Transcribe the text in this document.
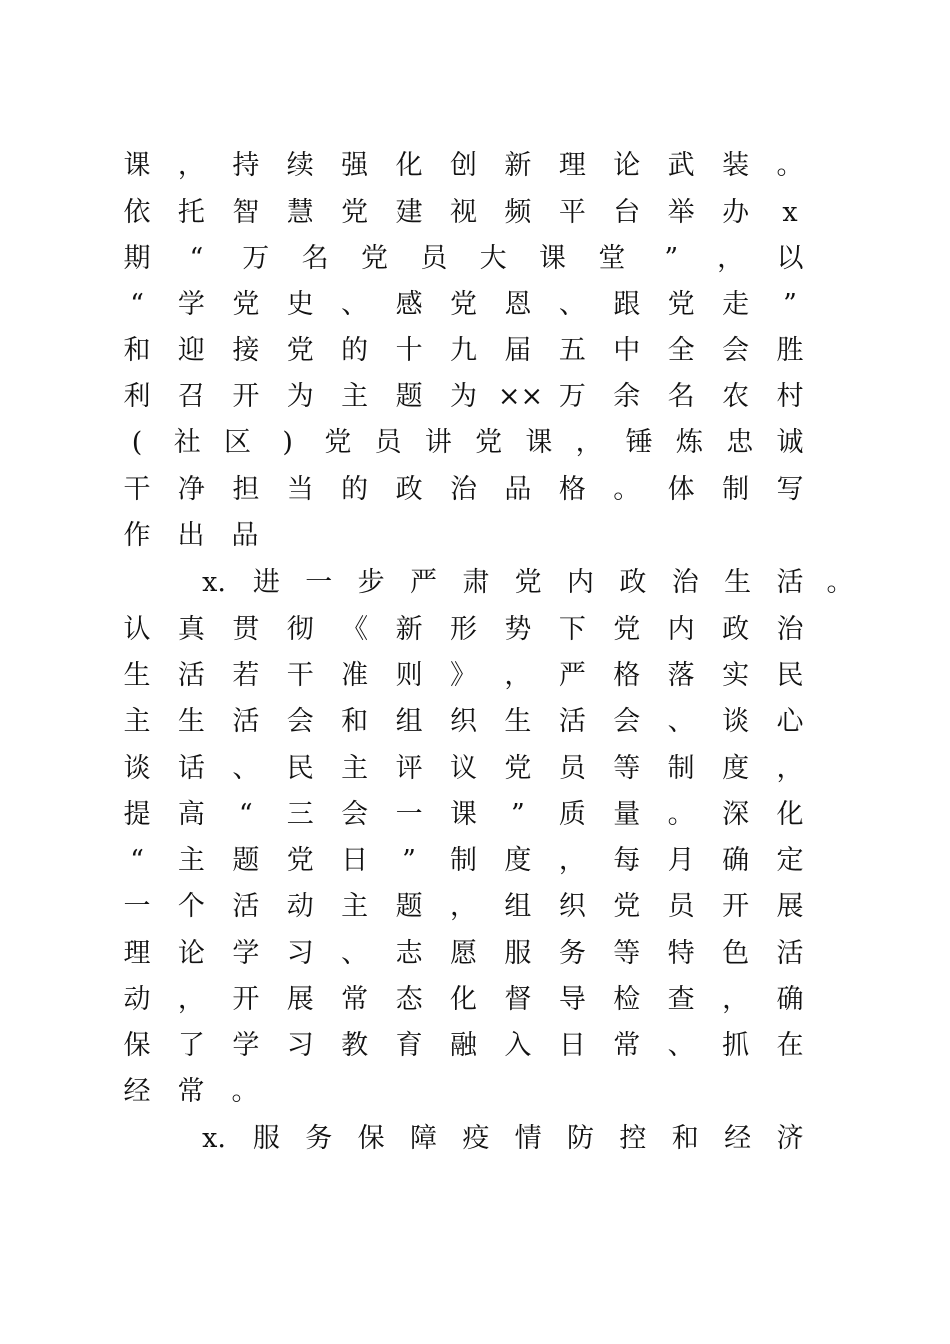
课 ， 持 续 强 化 创 新 理 论 武 装 。
依 托 智 慧 党 建 视 频 平 台 举 办	x
期	“	万 名 党 员 大 课 堂	”	， 以
“	学 党 史 、 感 党 恩 、 跟 党 走	”
和 迎 接 党 的 十 九 届 五 中 全 会 胜
利 召 开 为 主 题 为 ×× 万 余 名 农 村
(	社 区	)	党 员 讲 党 课 ， 锤 炼 忠 诚
干 净 担 当 的 政 治 品 格 。 体 制 写
作 出 品
x. 进 一 步 严 肃 党 内 政 治 生 活 。
认 真 贯 彻 《 新 形 势 下 党 内 政 治
生 活 若 干 准 则 》 ， 严 格 落 实 民
主 生 活 会 和 组 织 生 活 会 、 谈 心
谈 话 、 民 主 评 议 党 员 等 制 度 ，
提 高	“	三 会 一 课	”	质 量 。 深 化
“	主 题 党 日	”	制 度 ， 每 月 确 定
一 个 活 动 主 题 ， 组 织 党 员 开 展
理 论 学 习 、 志 愿 服 务 等 特 色 活
动 ， 开 展 常 态 化 督 导 检 查 ， 确
保 了 学 习 教 育 融 入 日 常 、 抓 在
经 常 。
x. 服 务 保 障 疫 情 防 控 和 经 济
